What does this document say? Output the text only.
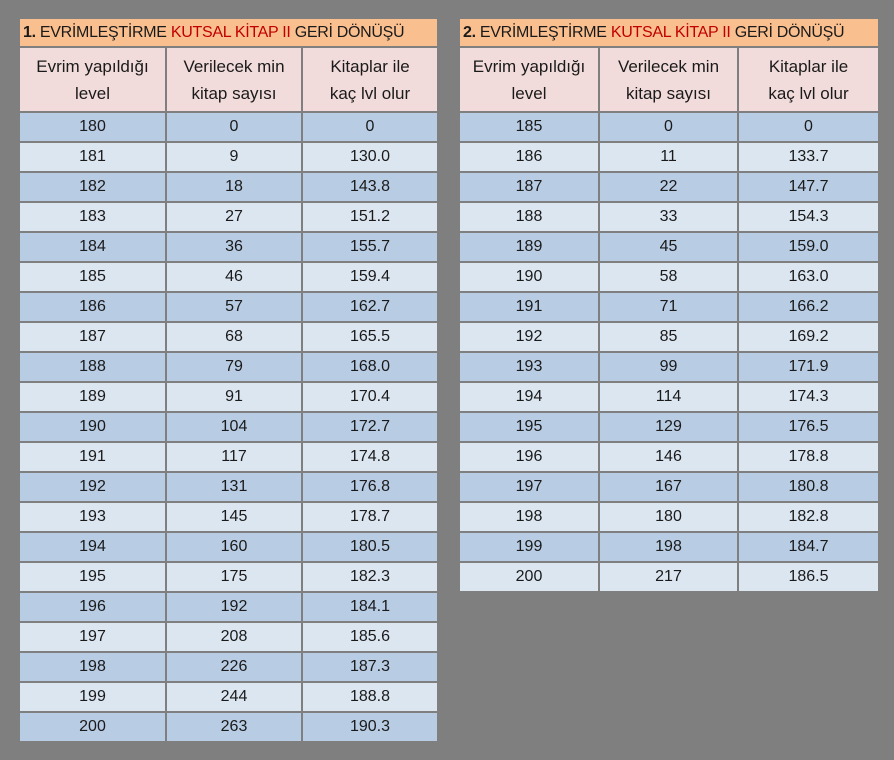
1. EVRİMLEŞTİRME KUTSAL KİTAP II GERİ DÖNÜŞÜ		

Evrim yapıldığı
level

Verilecek min
kitap sayısı

Kitaplar ile
kaç lvl olur

180	0	0
181	9	130.0
182	18	143.8
183	27	151.2
184	36	155.7
185	46	159.4
186	57	162.7
187	68	165.5
188	79	168.0
189	91	170.4
190	104	172.7
191	117	174.8
192	131	176.8
193	145	178.7
194	160	180.5
195	175	182.3
196	192	184.1
197	208	185.6
198	226	187.3
199	244	188.8
200	263	190.3
2. EVRİMLEŞTİRME KUTSAL KİTAP II GERİ DÖNÜŞÜ		

Evrim yapıldığı
level

Verilecek min
kitap sayısı

Kitaplar ile
kaç lvl olur

185	0	0
186	11	133.7
187	22	147.7
188	33	154.3
189	45	159.0
190	58	163.0
191	71	166.2
192	85	169.2
193	99	171.9
194	114	174.3
195	129	176.5
196	146	178.8
197	167	180.8
198	180	182.8
199	198	184.7
200	217	186.5
